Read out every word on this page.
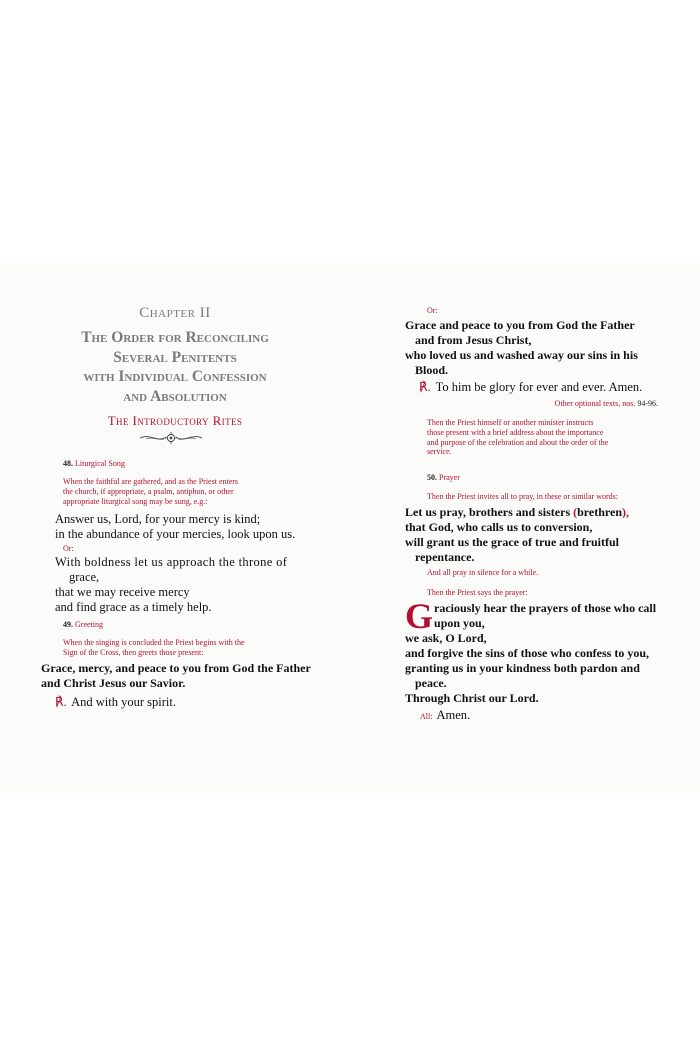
Chapter II
The Order for Reconciling
Several Penitents
with Individual Confession
and Absolution
The Introductory Rites
48. Liturgical Song
When the faithful are gathered, and as the Priest enters
the church, if appropriate, a psalm, antiphon, or other
appropriate liturgical song may be sung, e.g.:
Answer us, Lord, for your mercy is kind;
in the abundance of your mercies, look upon us.
Or:
With boldness let us approach the throne of
grace,
that we may receive mercy
and find grace as a timely help.
49. Greeting
When the singing is concluded the Priest begins with the
Sign of the Cross, then greets those present:
Grace, mercy, and peace to you from God the Father
and Christ Jesus our Savior.
℟. And with your spirit.
Or:
Grace and peace to you from God the Father
and from Jesus Christ,
who loved us and washed away our sins in his
Blood.
℟. To him be glory for ever and ever. Amen.
Other optional texts, nos. 94-96.
Then the Priest himself or another minister instructs
those present with a brief address about the importance
and purpose of the celebration and about the order of the
service.
50. Prayer
Then the Priest invites all to pray, in these or similar words:
Let us pray, brothers and sisters (brethren),
that God, who calls us to conversion,
will grant us the grace of true and fruitful
repentance.
And all pray in silence for a while.
Then the Priest says the prayer:
G raciously hear the prayers of those who call
upon you,
we ask, O Lord,
and forgive the sins of those who confess to you,
granting us in your kindness both pardon and
peace.
Through Christ our Lord.
All: Amen.
